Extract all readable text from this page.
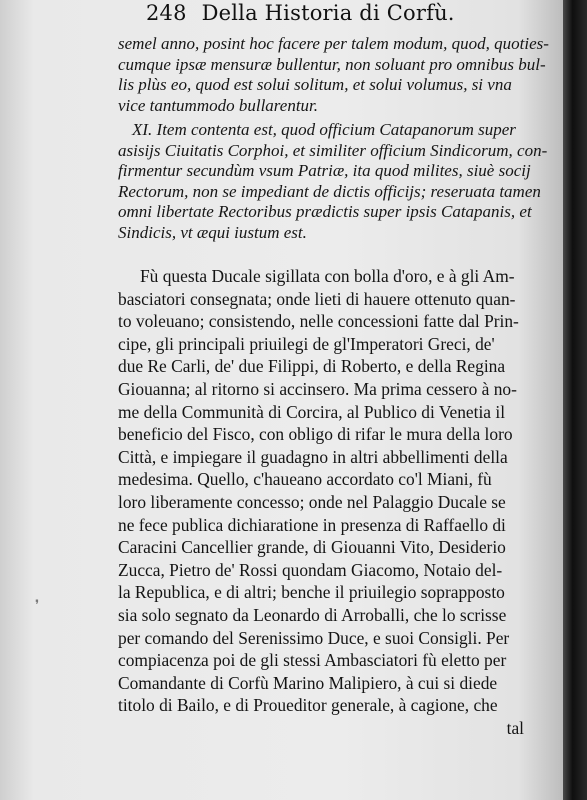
248 Della Historia di Corfù.
semel anno, posint hoc facere per talem modum, quod, quoties-
cumque ipsæ mensuræ bullentur, non soluant pro omnibus bul-
lis plùs eo, quod est solui solitum, et solui volumus, si vna
vice tantummodo bullarentur.
XI. Item contenta est, quod officium Catapanorum super
asisijs Ciuitatis Corphoi, et similiter officium Sindicorum, con-
firmentur secundùm vsum Patriæ, ita quod milites, siuè socij
Rectorum, non se impediant de dictis officijs; reseruata tamen
omni libertate Rectoribus prædictis super ipsis Catapanis, et
Sindicis, vt æqui iustum est.
Fù questa Ducale sigillata con bolla d'oro, e à gli Am-
basciatori consegnata; onde lieti di hauere ottenuto quan-
to voleuano; consistendo, nelle concessioni fatte dal Prin-
cipe, gli principali priuilegi de gl'Imperatori Greci, de'
due Re Carli, de' due Filippi, di Roberto, e della Regina
Giouanna; al ritorno si accinsero. Ma prima cessero à no-
me della Communità di Corcira, al Publico di Venetia il
beneficio del Fisco, con obligo di rifar le mura della loro
Città, e impiegare il guadagno in altri abbellimenti della
medesima. Quello, c'haueano accordato co'l Miani, fù
loro liberamente concesso; onde nel Palaggio Ducale se
ne fece publica dichiaratione in presenza di Raffaello di
Caracini Cancellier grande, di Giouanni Vito, Desiderio
Zucca, Pietro de' Rossi quondam Giacomo, Notaio del-
la Republica, e di altri; benche il priuilegio soprapposto
sia solo segnato da Leonardo di Arroballi, che lo scrisse
per comando del Serenissimo Duce, e suoi Consigli. Per
compiacenza poi de gli stessi Ambasciatori fù eletto per
Comandante di Corfù Marino Malipiero, à cui si diede
titolo di Bailo, e di Proueditor generale, à cagione, che
tal
❜
